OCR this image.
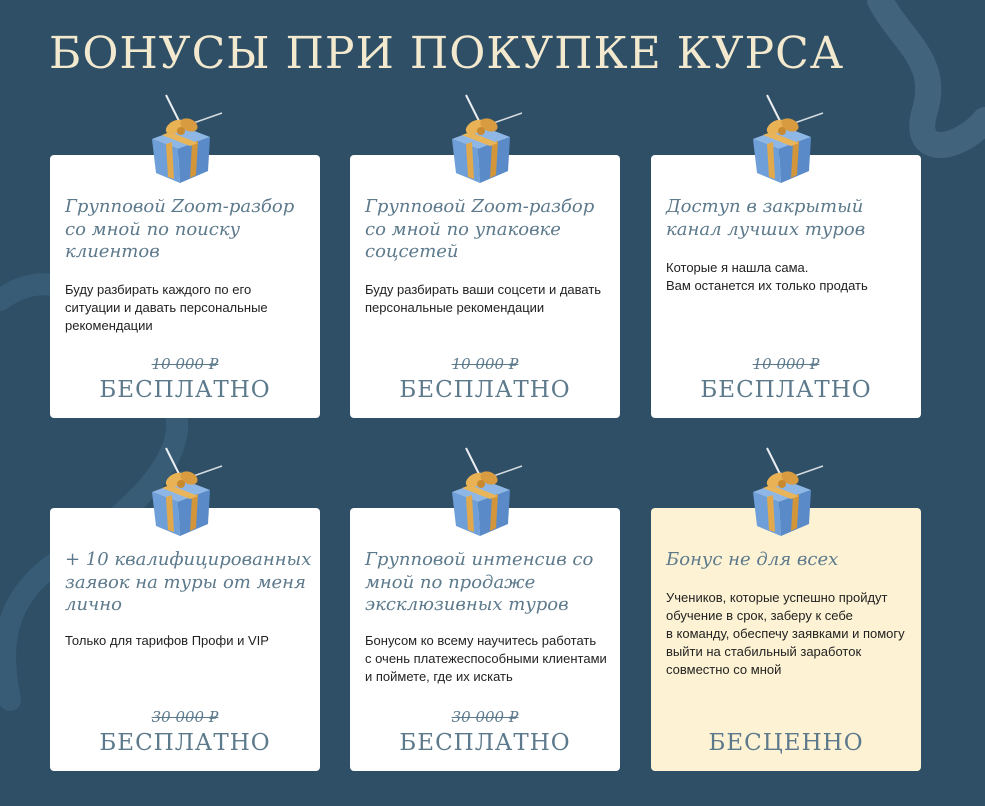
БОНУСЫ ПРИ ПОКУПКЕ КУРСА
Групповой Zoom-разбор со мной по поиску клиентов
Буду разбирать каждого по его
ситуации и давать персональные
рекомендации
10 000 ₽
БЕСПЛАТНО
Групповой Zoom-разбор со мной по упаковке соцсетей
Буду разбирать ваши соцсети и давать
персональные рекомендации
10 000 ₽
БЕСПЛАТНО
Доступ в закрытый канал лучших туров
Которые я нашла сама.
Вам останется их только продать
10 000 ₽
БЕСПЛАТНО
+ 10 квалифицированных заявок на туры от меня лично
Только для тарифов Профи и VIP
30 000 ₽
БЕСПЛАТНО
Групповой интенсив со мной по продаже эксклюзивных туров
Бонусом ко всему научитесь работать
с очень платежеспособными клиентами
и поймете, где их искать
30 000 ₽
БЕСПЛАТНО
Бонус не для всех
Учеников, которые успешно пройдут
обучение в срок, заберу к себе
в команду, обеспечу заявками и помогу
выйти на стабильный заработок
совместно со мной
БЕСЦЕННО
